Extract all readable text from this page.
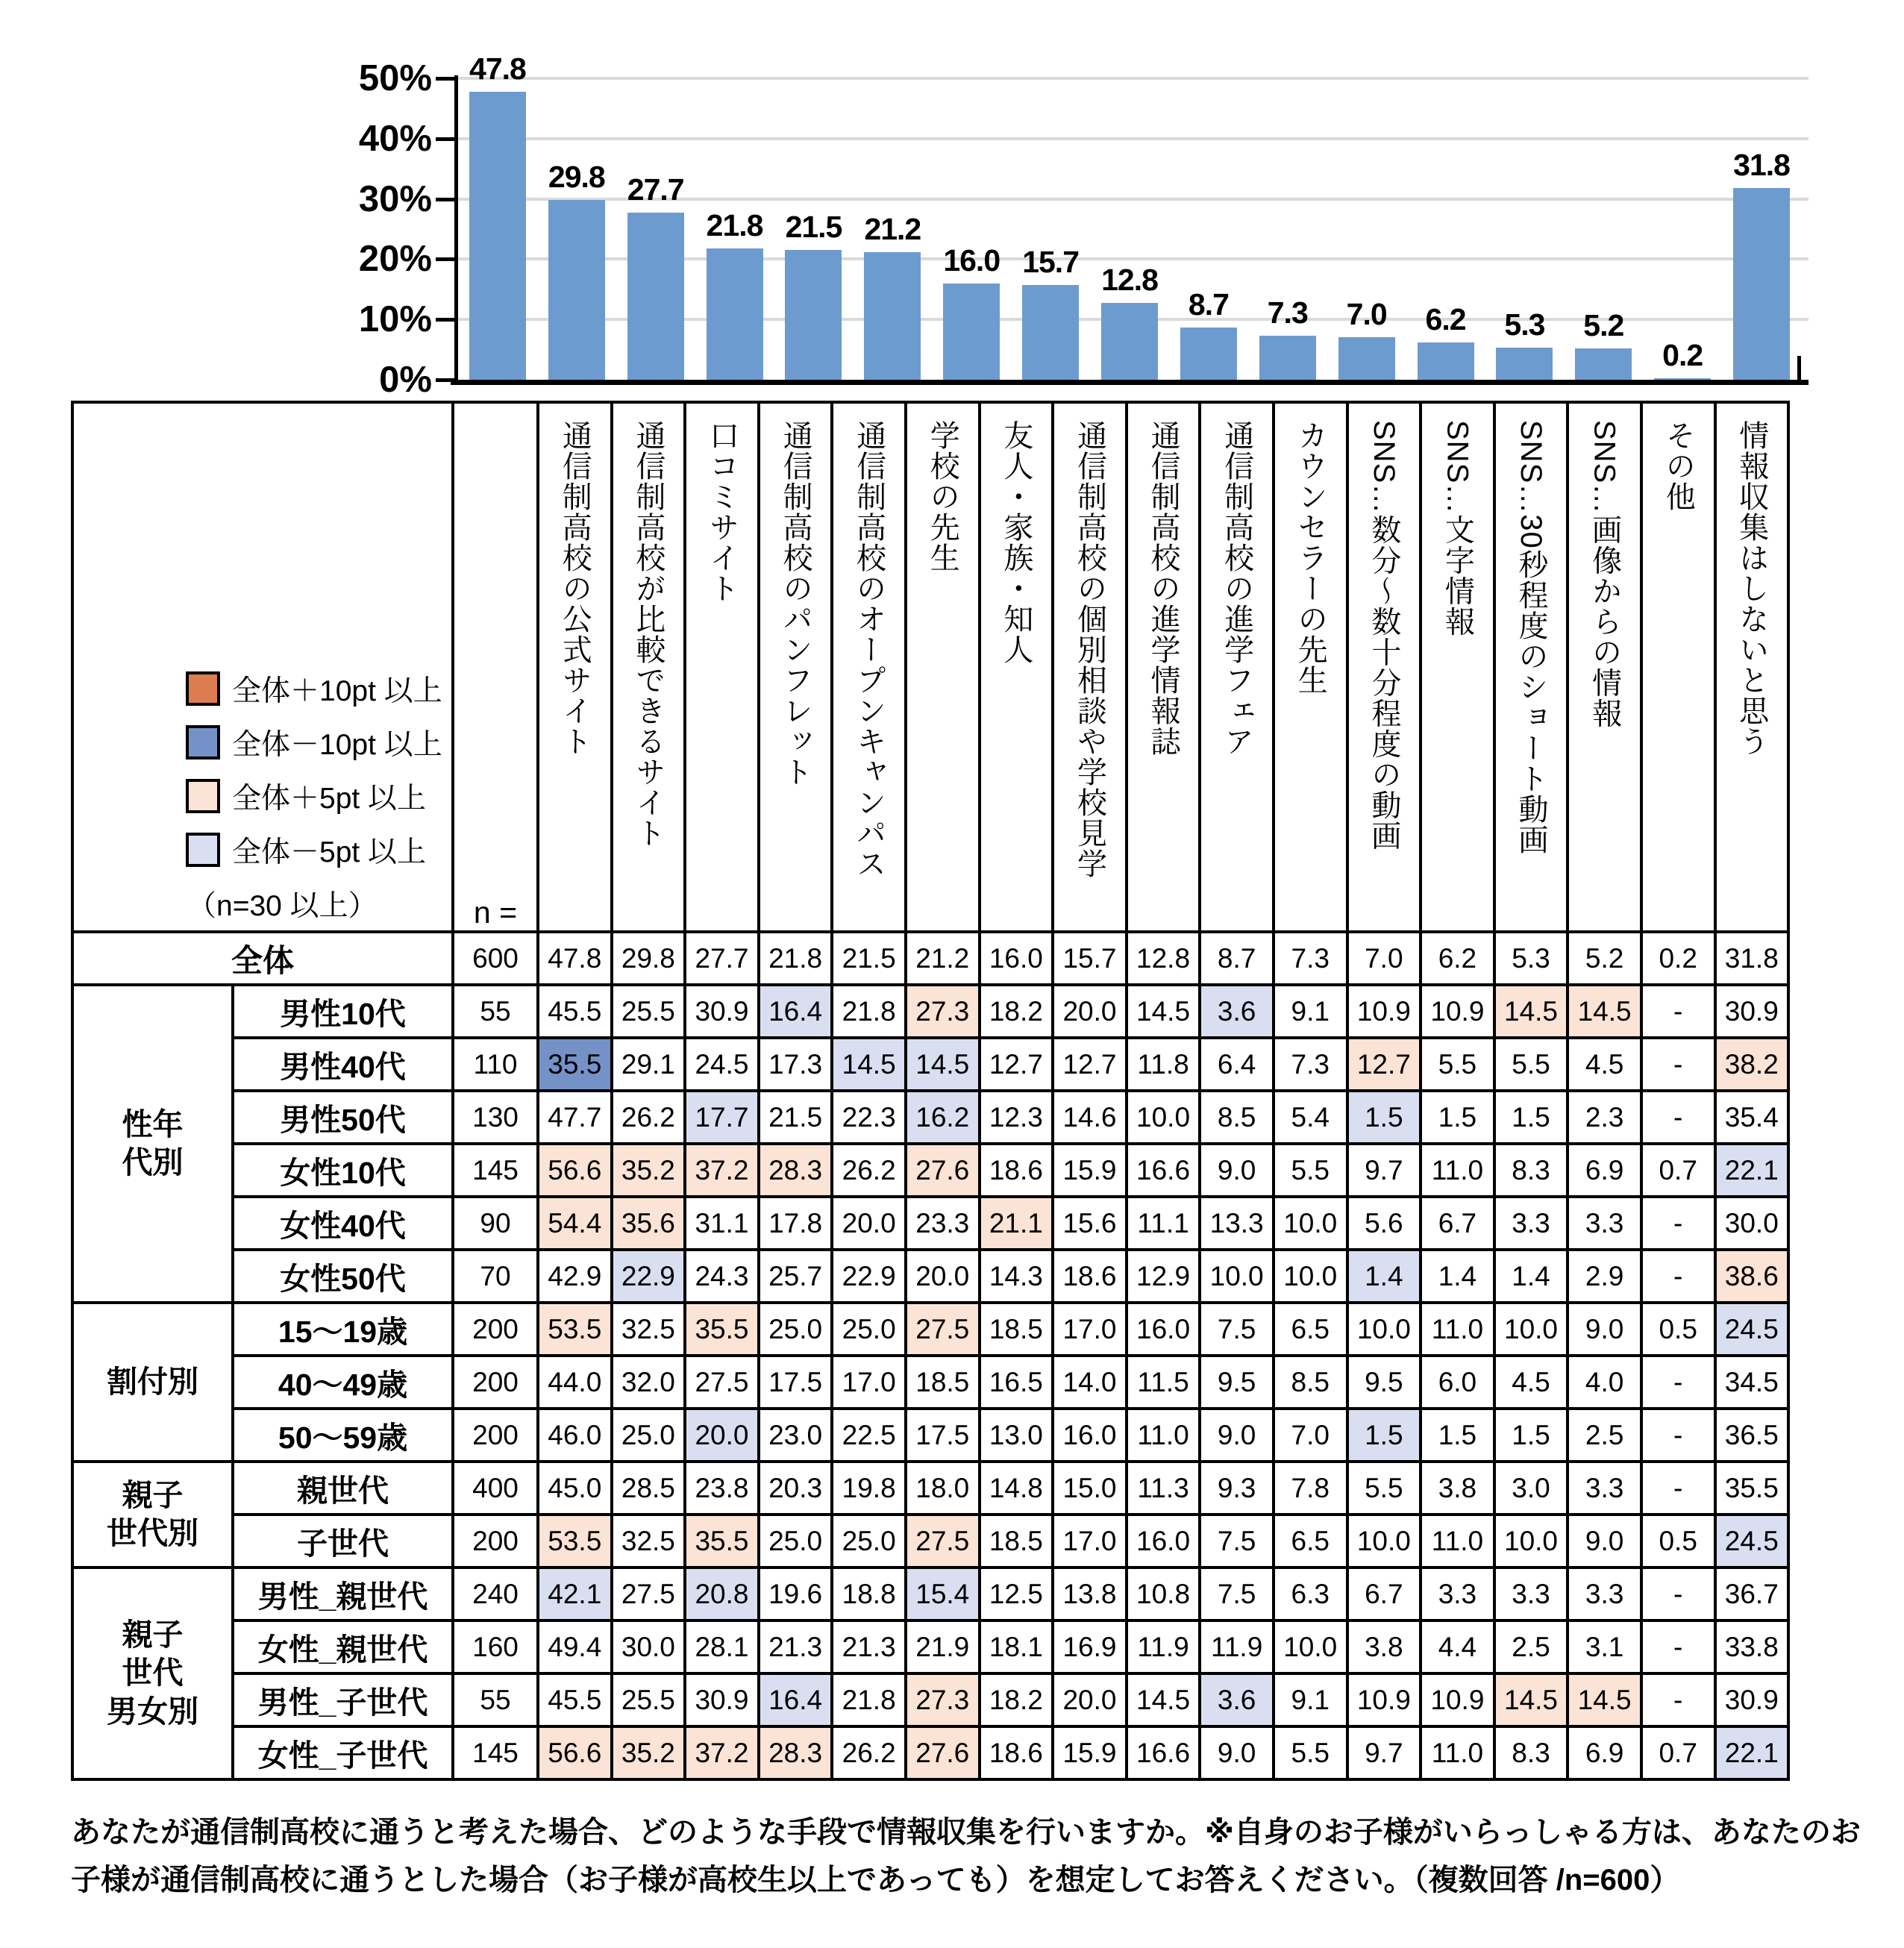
0%
10%
20%
30%
40%
50%	47.8
29.8 27.7
21.8 21.5 21.2
16.0 15.7
12.8
8.7	7.3	7.0	6.2	5.3	5.2
0.2
31.8
全体＋10pt 以上
全体－10pt 以上
全体＋5pt 以上
全体－5pt 以上
（n=30 以上）		n =	通信制高校の公式サイト	通信制高校が比較できるサイト	口コミサイト	通信制高校のパンフレット	通信制高校のオープンキャンパス	学校の先生	友人・家族・知人	通信制高校の個別相談や学校見学	通信制高校の進学情報誌	通信制高校の進学フェア	カウンセラーの先生	SNS…数分～数十分程度の動画	SNS…文字情報	SNS…30秒程度のショート動画	SNS…画像からの情報	その他	情報収集はしないと思う

全体		600	47.8	29.8	27.7	21.8	21.5	21.2	16.0	15.7	12.8	8.7	7.3	7.0	6.2	5.3	5.2	0.2	31.8
性年
代別	男性10代	55	45.5	25.5	30.9	16.4	21.8	27.3	18.2	20.0	14.5	3.6	9.1	10.9	10.9	14.5	14.5	-	30.9
	男性40代	110	35.5	29.1	24.5	17.3	14.5	14.5	12.7	12.7	11.8	6.4	7.3	12.7	5.5	5.5	4.5	-	38.2
	男性50代	130	47.7	26.2	17.7	21.5	22.3	16.2	12.3	14.6	10.0	8.5	5.4	1.5	1.5	1.5	2.3	-	35.4
	女性10代	145	56.6	35.2	37.2	28.3	26.2	27.6	18.6	15.9	16.6	9.0	5.5	9.7	11.0	8.3	6.9	0.7	22.1
	女性40代	90	54.4	35.6	31.1	17.8	20.0	23.3	21.1	15.6	11.1	13.3	10.0	5.6	6.7	3.3	3.3	-	30.0
	女性50代	70	42.9	22.9	24.3	25.7	22.9	20.0	14.3	18.6	12.9	10.0	10.0	1.4	1.4	1.4	2.9	-	38.6
割付別	15～19歳	200	53.5	32.5	35.5	25.0	25.0	27.5	18.5	17.0	16.0	7.5	6.5	10.0	11.0	10.0	9.0	0.5	24.5
	40～49歳	200	44.0	32.0	27.5	17.5	17.0	18.5	16.5	14.0	11.5	9.5	8.5	9.5	6.0	4.5	4.0	-	34.5
	50～59歳	200	46.0	25.0	20.0	23.0	22.5	17.5	13.0	16.0	11.0	9.0	7.0	1.5	1.5	1.5	2.5	-	36.5
親子
世代別	親世代	400	45.0	28.5	23.8	20.3	19.8	18.0	14.8	15.0	11.3	9.3	7.8	5.5	3.8	3.0	3.3	-	35.5
	子世代	200	53.5	32.5	35.5	25.0	25.0	27.5	18.5	17.0	16.0	7.5	6.5	10.0	11.0	10.0	9.0	0.5	24.5
親子
世代
男女別	男性_親世代	240	42.1	27.5	20.8	19.6	18.8	15.4	12.5	13.8	10.8	7.5	6.3	6.7	3.3	3.3	3.3	-	36.7
	女性_親世代	160	49.4	30.0	28.1	21.3	21.3	21.9	18.1	16.9	11.9	11.9	10.0	3.8	4.4	2.5	3.1	-	33.8
	男性_子世代	55	45.5	25.5	30.9	16.4	21.8	27.3	18.2	20.0	14.5	3.6	9.1	10.9	10.9	14.5	14.5	-	30.9
	女性_子世代	145	56.6	35.2	37.2	28.3	26.2	27.6	18.6	15.9	16.6	9.0	5.5	9.7	11.0	8.3	6.9	0.7	22.1
あなたが通信制高校に通うと考えた場合、どのような手段で情報収集を行いますか。※自身のお子様がいらっしゃる方は、あなたのお
子様が通信制高校に通うとした場合（お子様が高校生以上であっても）を想定してお答えください。（複数回答 /n=600）
